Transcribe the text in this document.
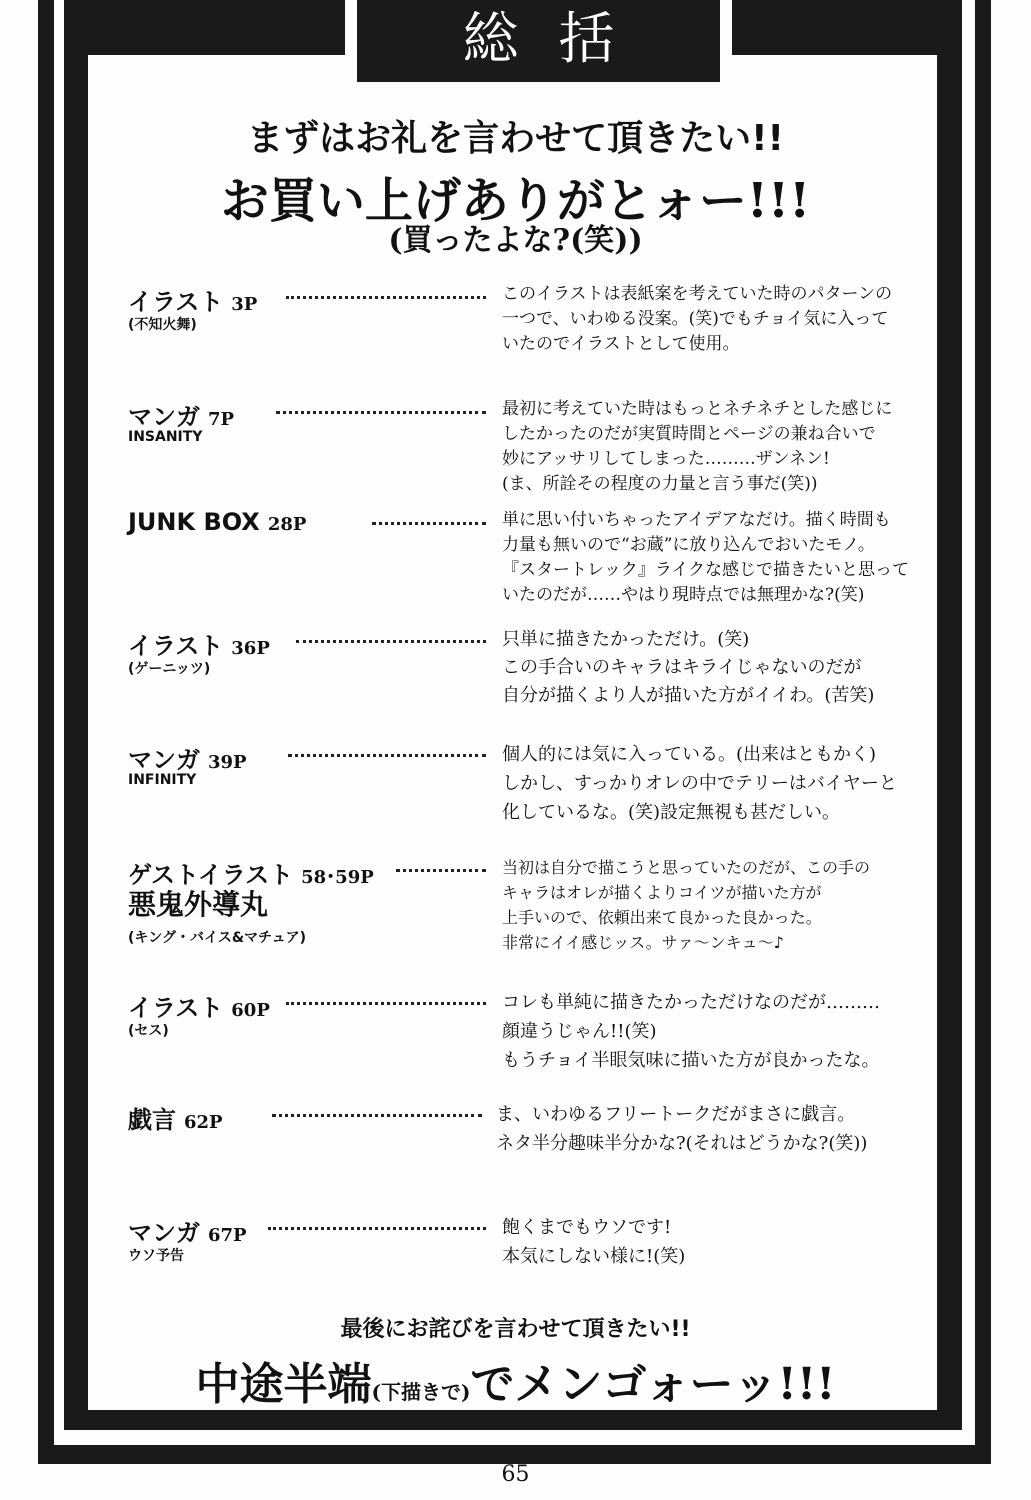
総括
まずはお礼を言わせて頂きたい!!
お買い上げありがとォー!!!
(買ったよな?(笑))
イラスト 3P
(不知火舞)
このイラストは表紙案を考えていた時のパターンの
一つで、いわゆる没案。(笑)でもチョイ気に入って
いたのでイラストとして使用。
マンガ 7P
INSANITY
最初に考えていた時はもっとネチネチとした感じに
したかったのだが実質時間とページの兼ね合いで
妙にアッサリしてしまった………ザンネン!
(ま、所詮その程度の力量と言う事だ(笑))
JUNK BOX 28P	単に思い付いちゃったアイデアなだけ。描く時間も
力量も無いので“お蔵”に放り込んでおいたモノ。
『スタートレック』ライクな感じで描きたいと思って
いたのだが……やはり現時点では無理かな?(笑)
イラスト 36P
(ゲーニッツ)
只単に描きたかっただけ。(笑)
この手合いのキャラはキライじゃないのだが
自分が描くより人が描いた方がイイわ。(苦笑)
マンガ 39P
INFINITY
個人的には気に入っている。(出来はともかく)
しかし、すっかりオレの中でテリーはバイヤーと
化しているな。(笑)設定無視も甚だしい。
ゲストイラスト 58･59P
悪鬼外導丸
(キング・バイス&マチュア)
当初は自分で描こうと思っていたのだが、この手の
キャラはオレが描くよりコイツが描いた方が
上手いので、依頼出来て良かった良かった。
非常にイイ感じッス。サァ〜ンキュ〜♪
イラスト 60P
(セス)
コレも単純に描きたかっただけなのだが………
顔違うじゃん!!(笑)
もうチョイ半眼気味に描いた方が良かったな。
戯言 62P	ま、いわゆるフリートークだがまさに戯言。
ネタ半分趣味半分かな?(それはどうかな?(笑))
マンガ 67P
ウソ予告
飽くまでもウソです!
本気にしない様に!(笑)
最後にお詫びを言わせて頂きたい!!
中途半端(下描きで)でメンゴォーッ!!!
65
